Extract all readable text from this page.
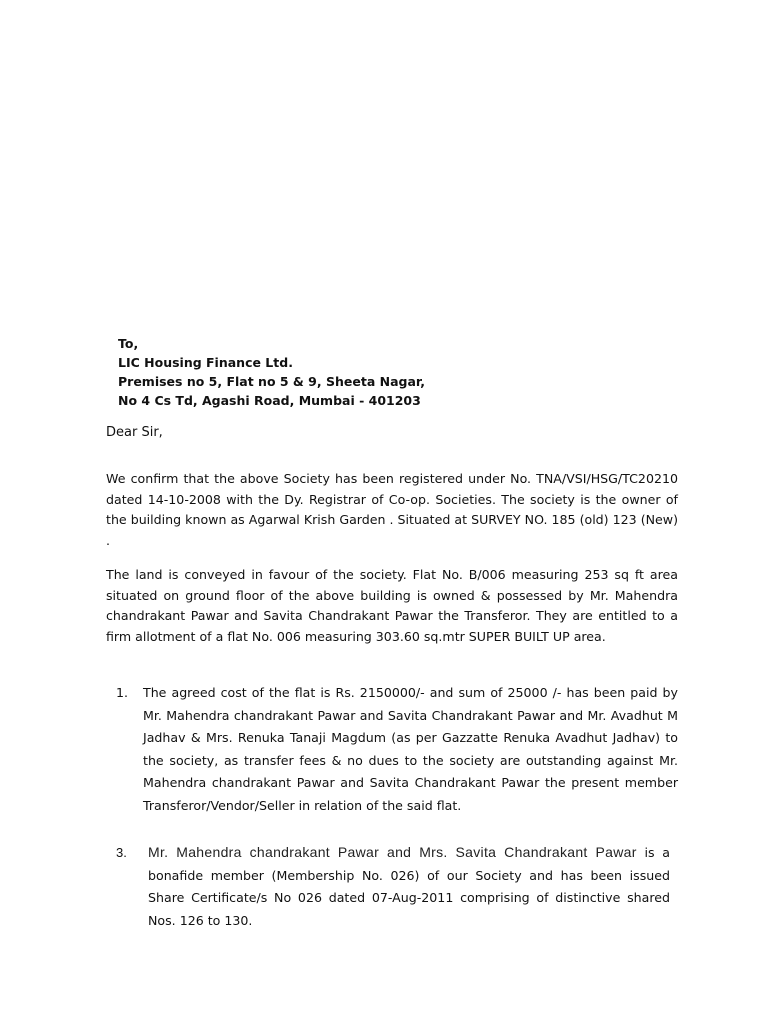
To,
LIC Housing Finance Ltd.
Premises no 5, Flat no 5 & 9, Sheeta Nagar,
No 4 Cs Td, Agashi Road, Mumbai - 401203
Dear Sir,
We confirm that the above Society has been registered under No. TNA/VSI/HSG/TC20210 dated 14-10-2008 with the Dy. Registrar of Co-op. Societies. The society is the owner of the building known as Agarwal Krish Garden . Situated at SURVEY NO. 185 (old) 123 (New) .
The land is conveyed in favour of the society. Flat No. B/006 measuring 253 sq ft area situated on ground floor of the above building is owned & possessed by Mr. Mahendra chandrakant Pawar and Savita Chandrakant Pawar the Transferor. They are entitled to a firm allotment of a flat No. 006 measuring 303.60 sq.mtr SUPER BUILT UP area.
1. The agreed cost of the flat is Rs. 2150000/- and sum of 25000 /- has been paid by Mr. Mahendra chandrakant Pawar and Savita Chandrakant Pawar and Mr. Avadhut M Jadhav & Mrs. Renuka Tanaji Magdum (as per Gazzatte Renuka Avadhut Jadhav) to the society, as transfer fees & no dues to the society are outstanding against Mr. Mahendra chandrakant Pawar and Savita Chandrakant Pawar the present member Transferor/Vendor/Seller in relation of the said flat.
3. Mr. Mahendra chandrakant Pawar and Mrs. Savita Chandrakant Pawar is a bonafide member (Membership No. 026) of our Society and has been issued Share Certificate/s No 026 dated 07-Aug-2011 comprising of distinctive shared Nos. 126 to 130.
